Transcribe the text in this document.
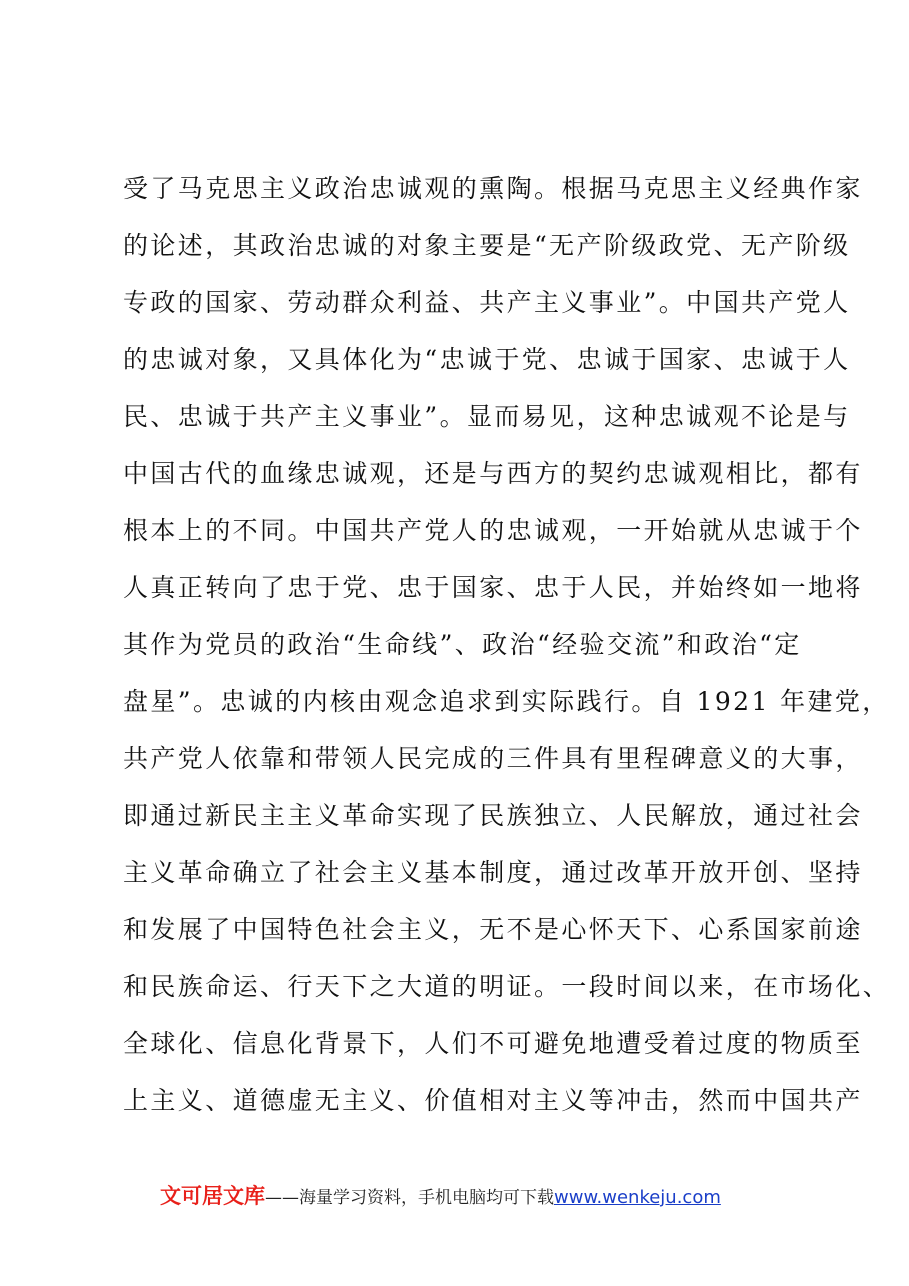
受了马克思主义政治忠诚观的熏陶。根据马克思主义经典作家
的论述，其政治忠诚的对象主要是“无产阶级政党、无产阶级
专政的国家、劳动群众利益、共产主义事业”。中国共产党人
的忠诚对象，又具体化为“忠诚于党、忠诚于国家、忠诚于人
民、忠诚于共产主义事业”。显而易见，这种忠诚观不论是与
中国古代的血缘忠诚观，还是与西方的契约忠诚观相比，都有
根本上的不同。中国共产党人的忠诚观，一开始就从忠诚于个
人真正转向了忠于党、忠于国家、忠于人民，并始终如一地将
其作为党员的政治“生命线”、政治“经验交流”和政治“定
盘星”。忠诚的内核由观念追求到实际践行。自 1921 年建党，
共产党人依靠和带领人民完成的三件具有里程碑意义的大事，
即通过新民主主义革命实现了民族独立、人民解放，通过社会
主义革命确立了社会主义基本制度，通过改革开放开创、坚持
和发展了中国特色社会主义，无不是心怀天下、心系国家前途
和民族命运、行天下之大道的明证。一段时间以来，在市场化、
全球化、信息化背景下，人们不可避免地遭受着过度的物质至
上主义、道德虚无主义、价值相对主义等冲击，然而中国共产
文可居文库——海量学习资料，手机电脑均可下载www.wenkeju.com
